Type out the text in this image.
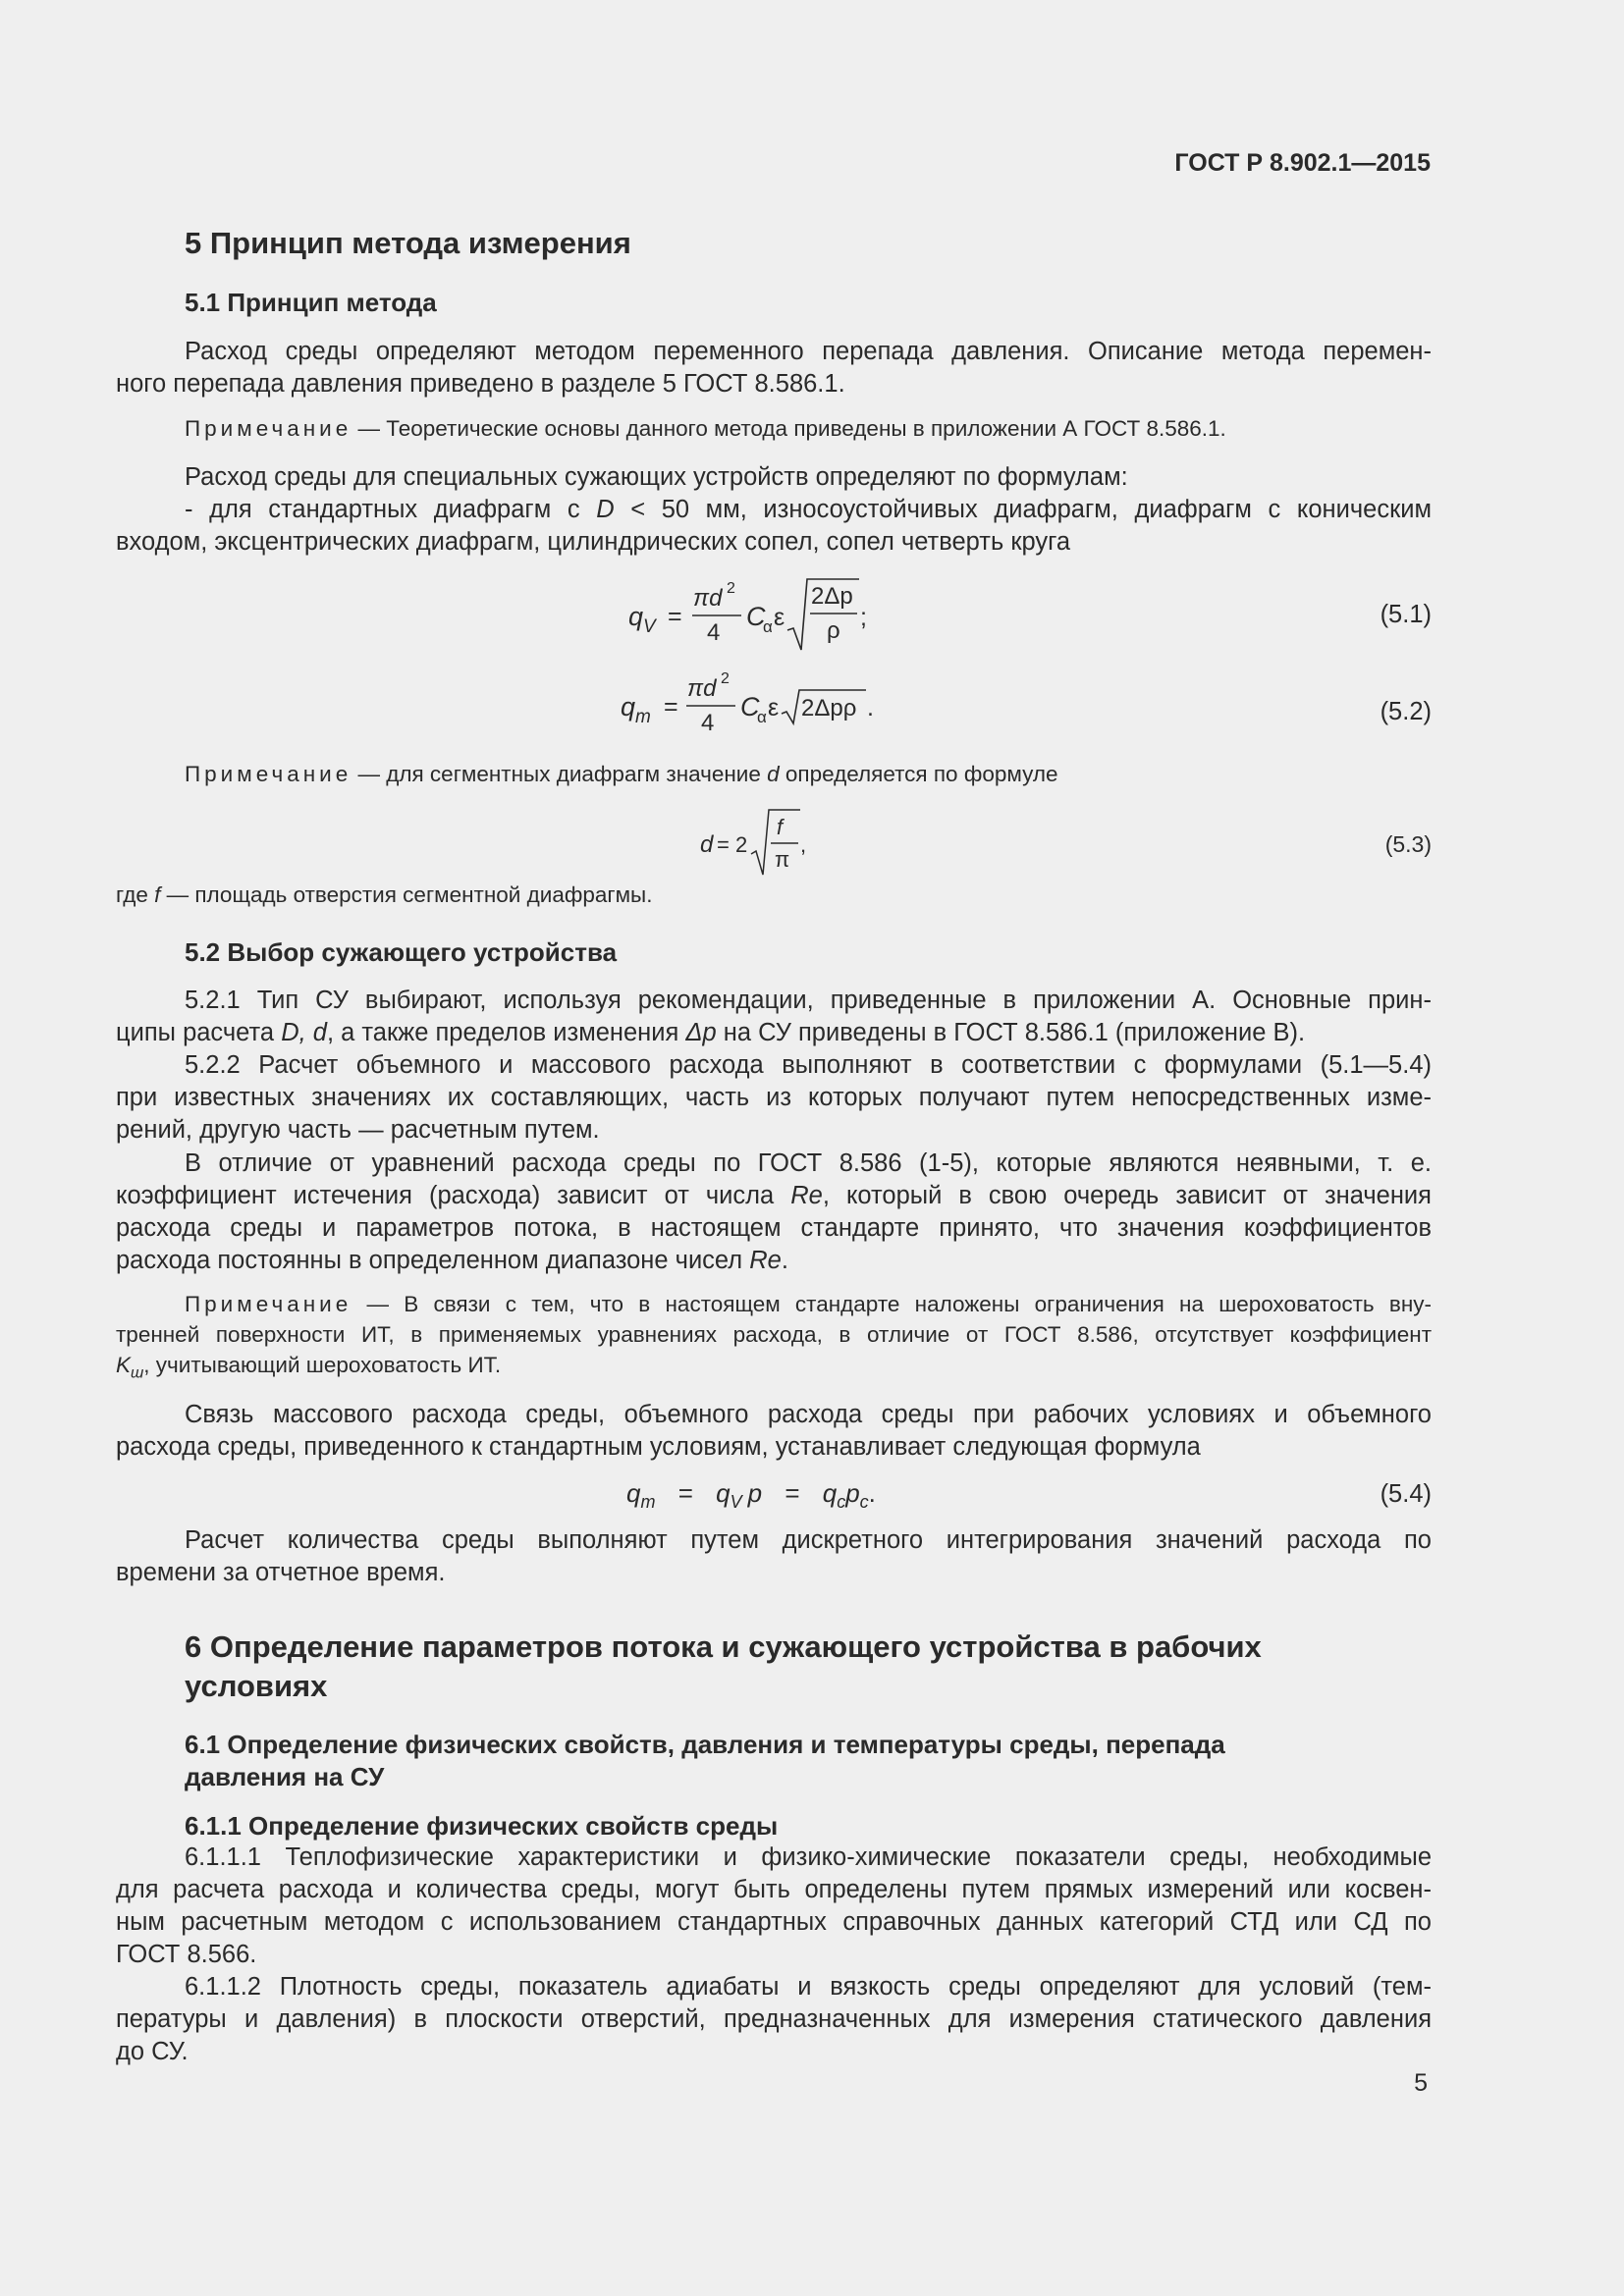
ГОСТ Р 8.902.1—2015
5 Принцип метода измерения
5.1 Принцип метода
Расход среды определяют методом переменного перепада давления. Описание метода перемен-
ного перепада давления приведено в разделе 5 ГОСТ 8.586.1.
Примечание — Теоретические основы данного метода приведены в приложении А ГОСТ 8.586.1.
Расход среды для специальных сужающих устройств определяют по формулам:
- для стандартных диафрагм с D < 50 мм, износоустойчивых диафрагм, диафрагм с коническим
входом, эксцентрических диафрагм, цилиндрических сопел, сопел четверть круга
q V =
πd 2
4
C
α ε
2Δp
ρ ;	(5.1)
q m =
πd 2
4
C
α ε 2Δpρ .	(5.2)
Примечание — для сегментных диафрагм значение d определяется по формуле
d = 2
f
π
,	(5.3)
где f — площадь отверстия сегментной диафрагмы.
5.2 Выбор сужающего устройства
5.2.1 Тип СУ выбирают, используя рекомендации, приведенные в приложении А. Основные прин-
ципы расчета D, d, а также пределов изменения Δp на СУ приведены в ГОСТ 8.586.1 (приложение В).
5.2.2 Расчет объемного и массового расхода выполняют в соответствии с формулами (5.1—5.4)
при известных значениях их составляющих, часть из которых получают путем непосредственных изме-
рений, другую часть — расчетным путем.
В отличие от уравнений расхода среды по ГОСТ 8.586 (1-5), которые являются неявными, т. е.
коэффициент истечения (расхода) зависит от числа Re, который в свою очередь зависит от значения
расхода среды и параметров потока, в настоящем стандарте принято, что значения коэффициентов
расхода постоянны в определенном диапазоне чисел Re.
Примечание — В связи с тем, что в настоящем стандарте наложены ограничения на шероховатость вну-
тренней поверхности ИТ, в применяемых уравнениях расхода, в отличие от ГОСТ 8.586, отсутствует коэффициент
$K_ш$, учитывающий шероховатость ИТ.
Связь массового расхода среды, объемного расхода среды при рабочих условиях и объемного
расхода среды, приведенного к стандартным условиям, устанавливает следующая формула
$q_m = q_V$ $p = q_cp_c$.	(5.4)
Расчет количества среды выполняют путем дискретного интегрирования значений расхода по
времени за отчетное время.
6 Определение параметров потока и сужающего устройства в рабочих
условиях
6.1 Определение физических свойств, давления и температуры среды, перепада
давления на СУ
6.1.1 Определение физических свойств среды
6.1.1.1 Теплофизические характеристики и физико-химические показатели среды, необходимые
для расчета расхода и количества среды, могут быть определены путем прямых измерений или косвен-
ным расчетным методом с использованием стандартных справочных данных категорий СТД или СД по
ГОСТ 8.566.
6.1.1.2 Плотность среды, показатель адиабаты и вязкость среды определяют для условий (тем-
пературы и давления) в плоскости отверстий, предназначенных для измерения статического давления
до СУ.
5
